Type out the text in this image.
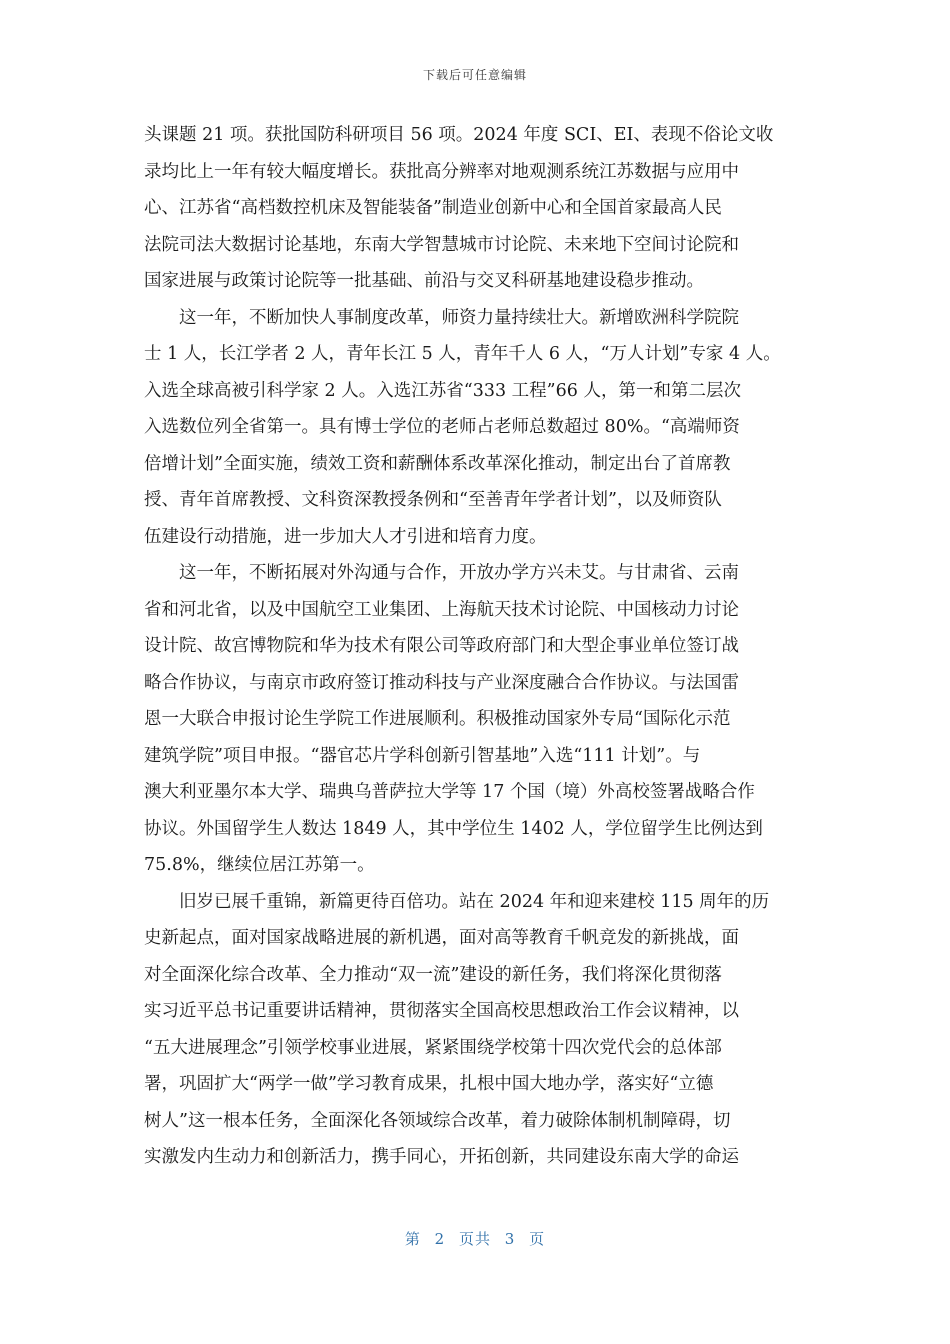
下载后可任意编辑
头课题 21 项。获批国防科研项目 56 项。2024 年度 SCI、EI、表现不俗论文收
录均比上一年有较大幅度增长。获批高分辨率对地观测系统江苏数据与应用中
心、江苏省“高档数控机床及智能装备”制造业创新中心和全国首家最高人民
法院司法大数据讨论基地，东南大学智慧城市讨论院、未来地下空间讨论院和
国家进展与政策讨论院等一批基础、前沿与交叉科研基地建设稳步推动。
这一年，不断加快人事制度改革，师资力量持续壮大。新增欧洲科学院院
士 1 人，长江学者 2 人，青年长江 5 人，青年千人 6 人，“万人计划”专家 4 人。
入选全球高被引科学家 2 人。入选江苏省“333 工程”66 人，第一和第二层次
入选数位列全省第一。具有博士学位的老师占老师总数超过 80%。“高端师资
倍增计划”全面实施，绩效工资和薪酬体系改革深化推动，制定出台了首席教
授、青年首席教授、文科资深教授条例和“至善青年学者计划”，以及师资队
伍建设行动措施，进一步加大人才引进和培育力度。
这一年，不断拓展对外沟通与合作，开放办学方兴未艾。与甘肃省、云南
省和河北省，以及中国航空工业集团、上海航天技术讨论院、中国核动力讨论
设计院、故宫博物院和华为技术有限公司等政府部门和大型企事业单位签订战
略合作协议，与南京市政府签订推动科技与产业深度融合合作协议。与法国雷
恩一大联合申报讨论生学院工作进展顺利。积极推动国家外专局“国际化示范
建筑学院”项目申报。“器官芯片学科创新引智基地”入选“111 计划”。与
澳大利亚墨尔本大学、瑞典乌普萨拉大学等 17 个国（境）外高校签署战略合作
协议。外国留学生人数达 1849 人，其中学位生 1402 人，学位留学生比例达到
75.8%，继续位居江苏第一。
旧岁已展千重锦，新篇更待百倍功。站在 2024 年和迎来建校 115 周年的历
史新起点，面对国家战略进展的新机遇，面对高等教育千帆竞发的新挑战，面
对全面深化综合改革、全力推动“双一流”建设的新任务，我们将深化贯彻落
实习近平总书记重要讲话精神，贯彻落实全国高校思想政治工作会议精神，以
“五大进展理念”引领学校事业进展，紧紧围绕学校第十四次党代会的总体部
署，巩固扩大“两学一做”学习教育成果，扎根中国大地办学，落实好“立德
树人”这一根本任务，全面深化各领域综合改革，着力破除体制机制障碍，切
实激发内生动力和创新活力，携手同心，开拓创新，共同建设东南大学的命运
第 2 页共 3 页
